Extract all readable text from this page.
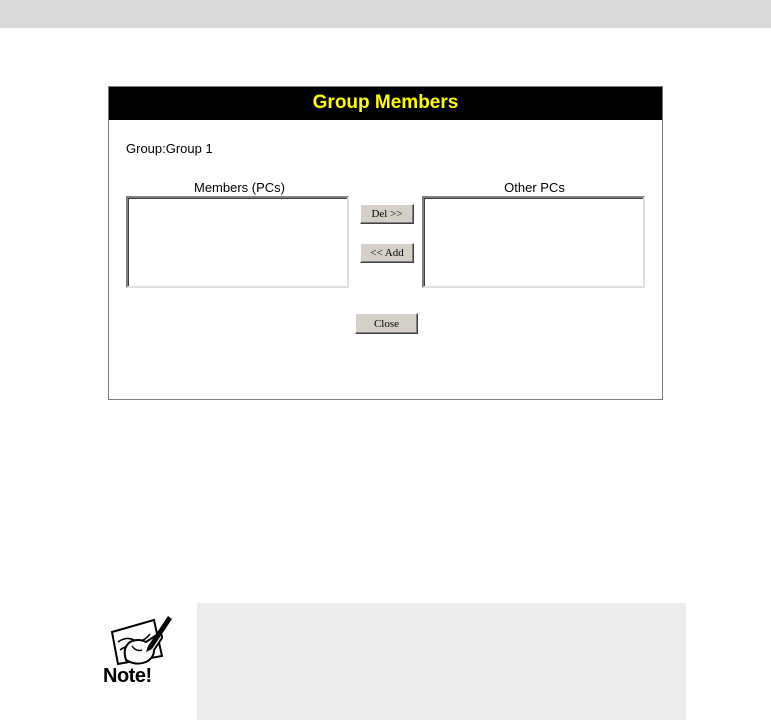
Group Members
Group:Group 1
Members (PCs)	Other PCs
Del >>
<< Add
Close
Note!
